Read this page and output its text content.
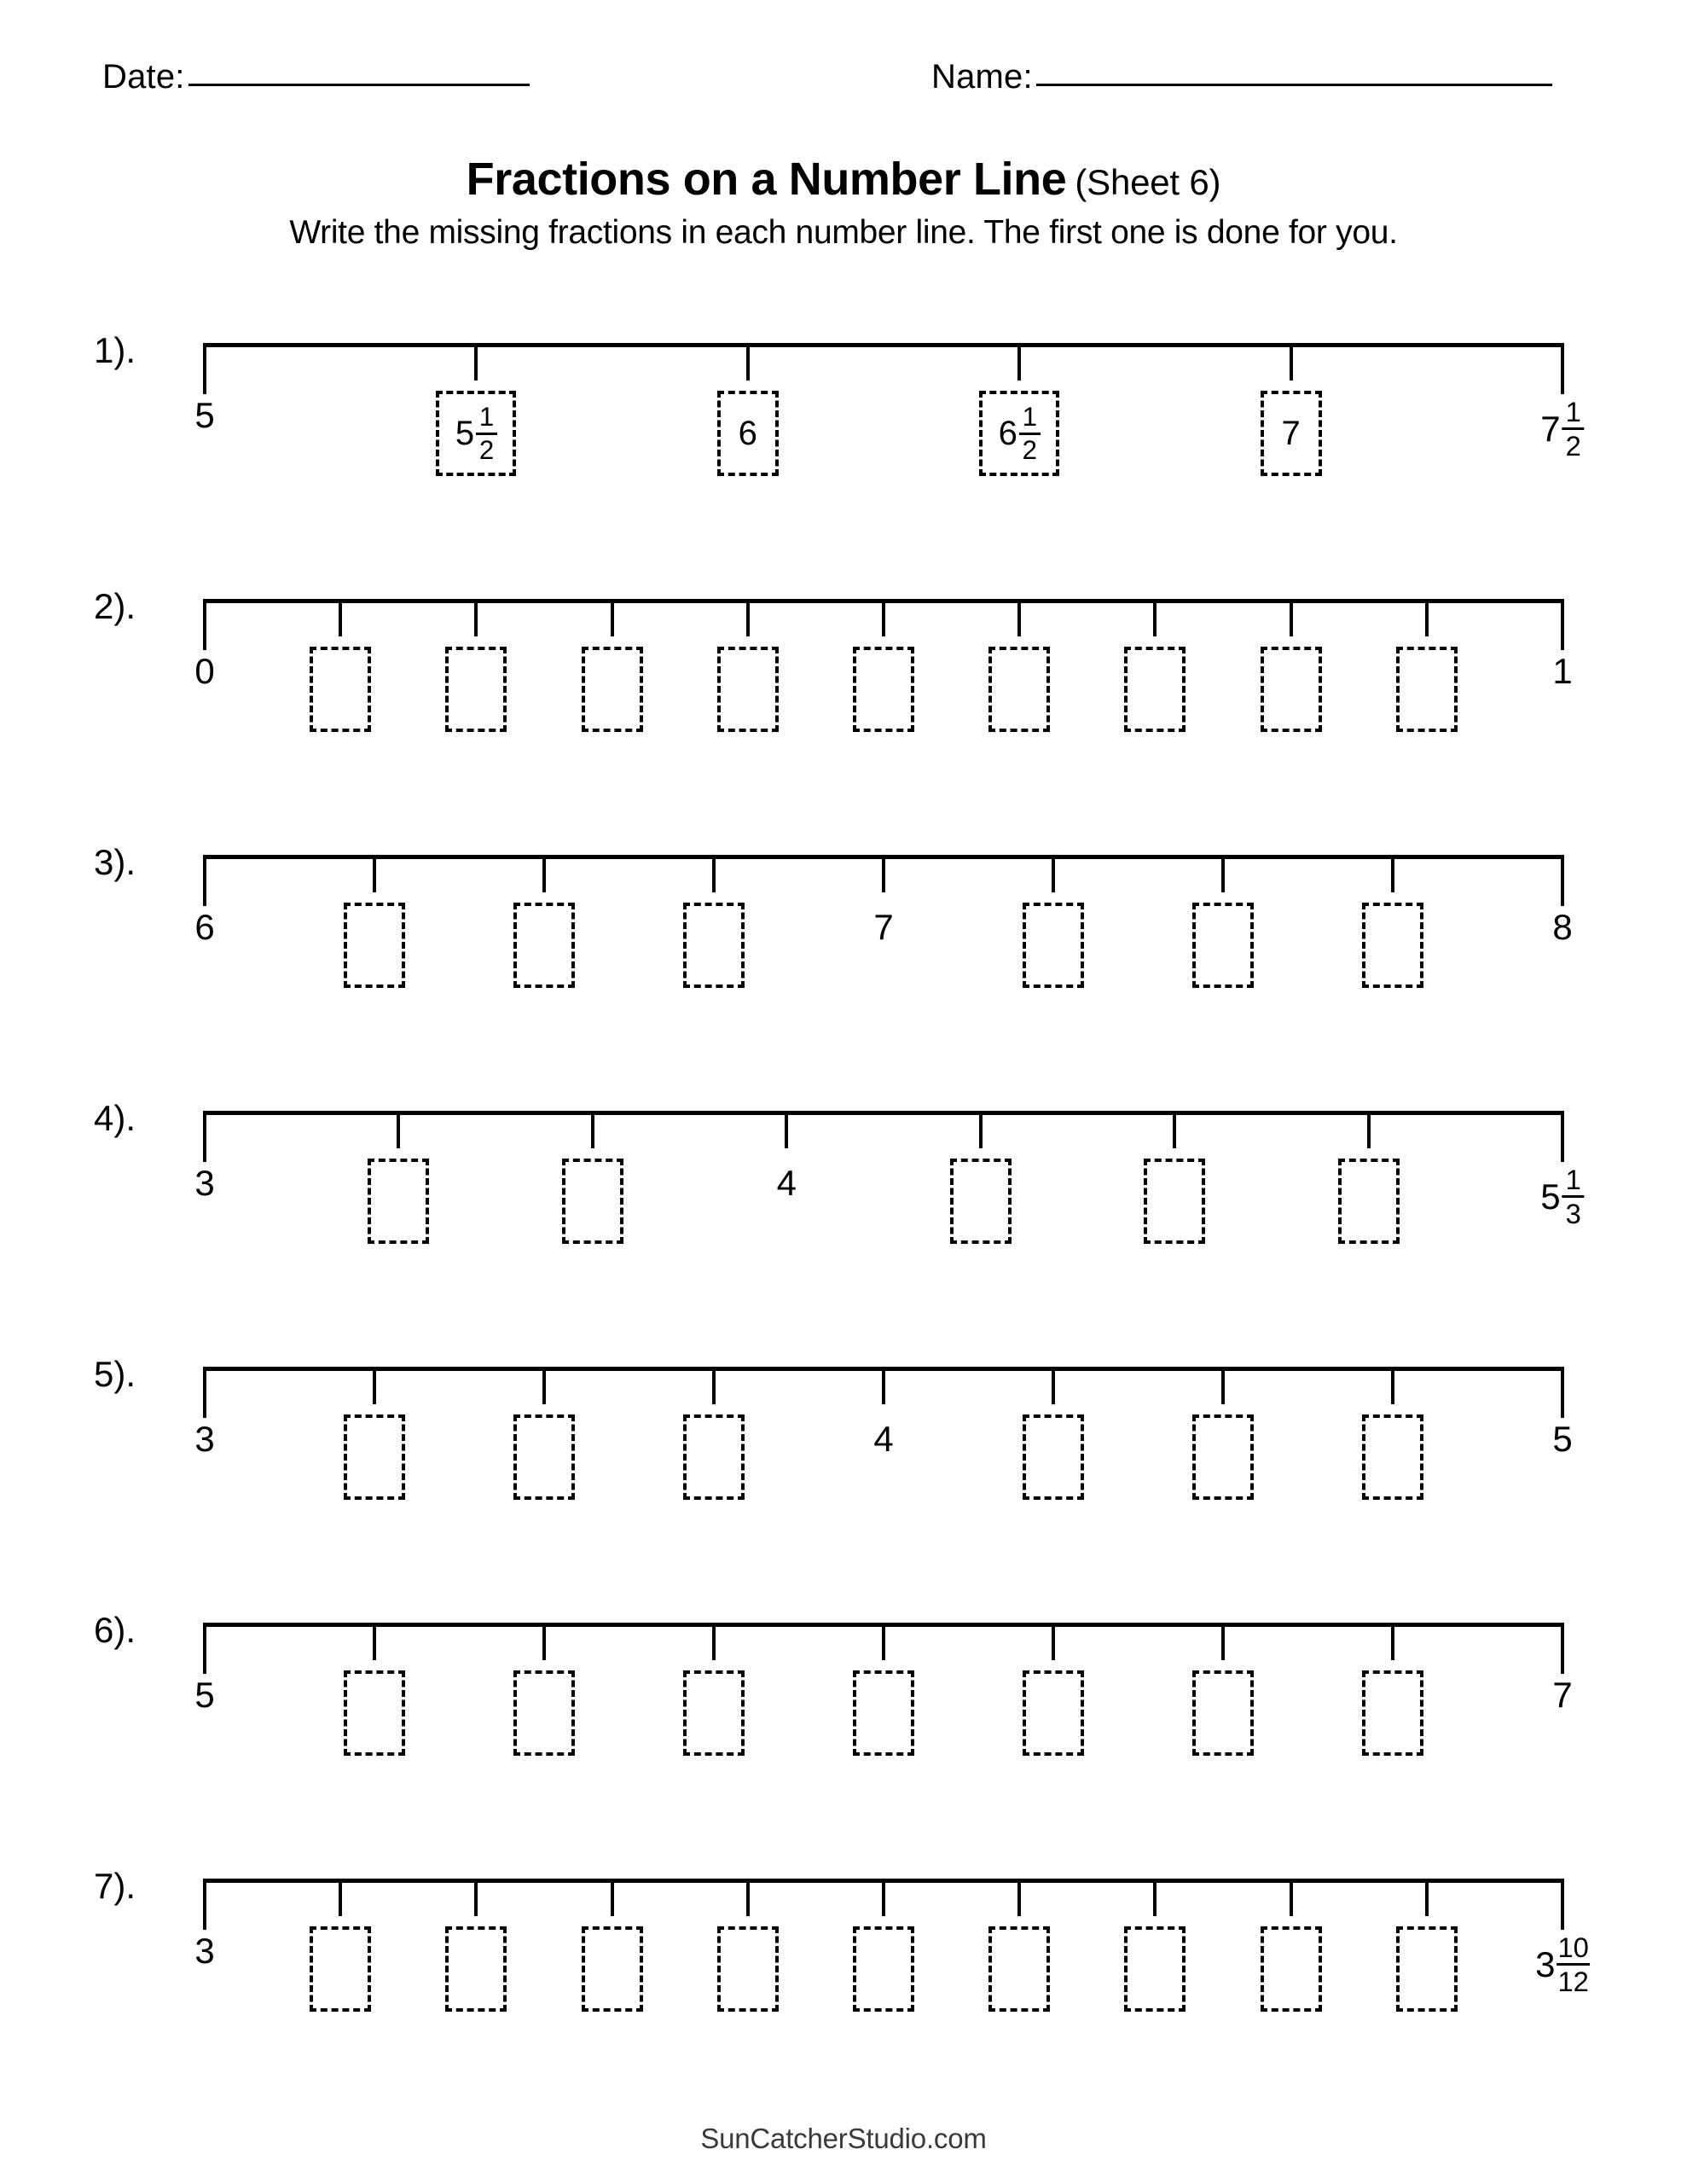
Date:	Name:
Fractions on a Number Line (Sheet 6)
Write the missing fractions in each number line. The first one is done for you.
1).
5	$5 \frac{1}{2}$	6	$6 \frac{1}{2}$	7	$7 \frac{1}{2}$
2).
0	1
3).
6	7	8
4).
3	4	$5 \frac{1}{3}$
5).
3	4	5
6).
5	7
7).
3	$3 \frac{10}{12}$
SunCatcherStudio.com
